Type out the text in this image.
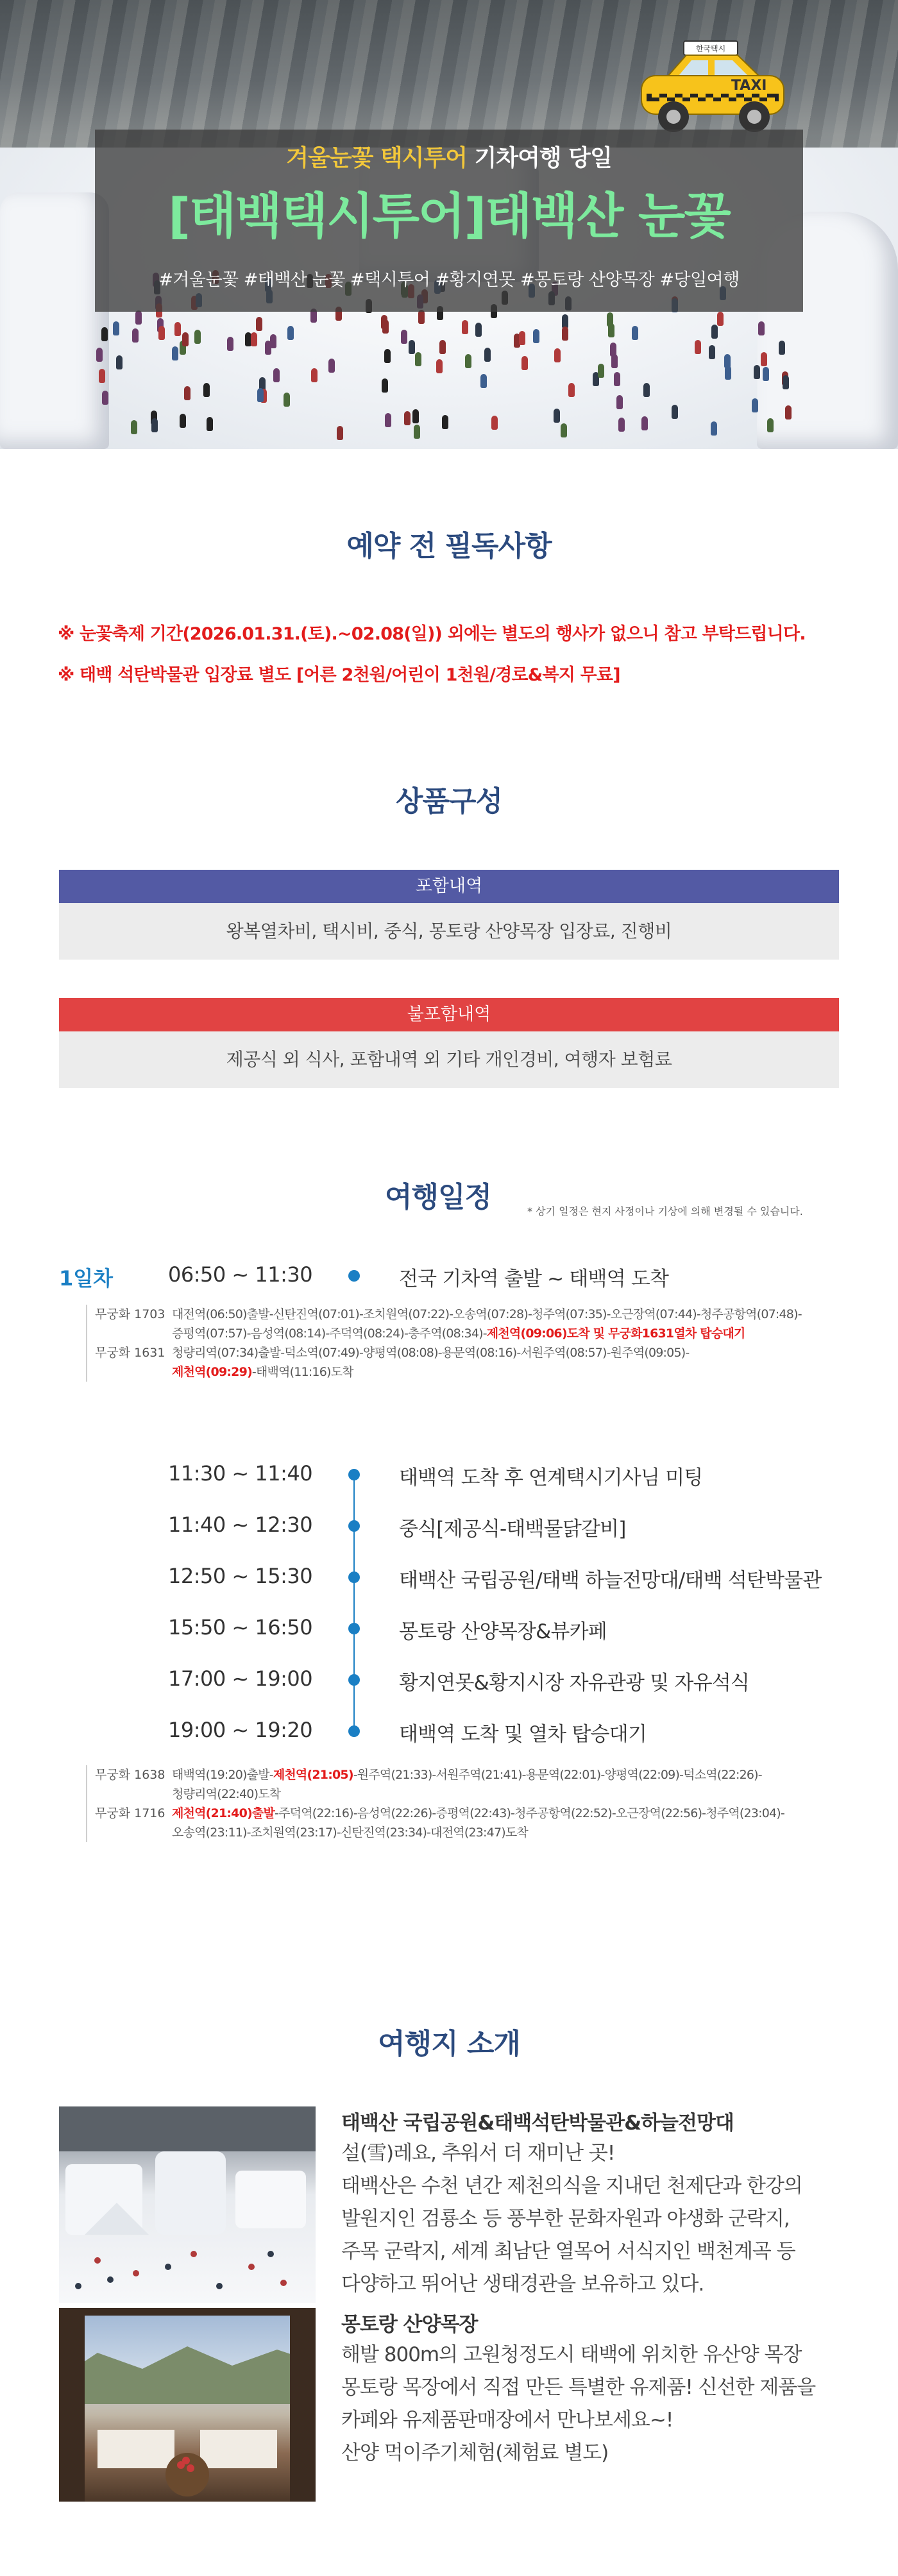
한국택시
TAXI
겨울눈꽃 택시투어 기차여행 당일
[태백택시투어]태백산 눈꽃
#겨울눈꽃 #태백산 눈꽃 #택시투어 #황지연못 #몽토랑 산양목장 #당일여행
예약 전 필독사항
※ 눈꽃축제 기간(2026.01.31.(토).~02.08(일)) 외에는 별도의 행사가 없으니 참고 부탁드립니다.
※ 태백 석탄박물관 입장료 별도 [어른 2천원/어린이 1천원/경로&복지 무료]
상품구성
포함내역
왕복열차비, 택시비, 중식, 몽토랑 산양목장 입장료, 진행비
불포함내역
제공식 외 식사, 포함내역 외 기타 개인경비, 여행자 보험료
여행일정	* 상기 일정은 현지 사정이나 기상에 의해 변경될 수 있습니다.
1일차	06:50 ~ 11:30	전국 기차역 출발 ~ 태백역 도착
무궁화 1703 대전역(06:50)출발-신탄진역(07:01)-조치원역(07:22)-오송역(07:28)-청주역(07:35)-오근장역(07:44)-청주공항역(07:48)-
증평역(07:57)-음성역(08:14)-주덕역(08:24)-충주역(08:34)-제천역(09:06)도착 및 무궁화1631열차 탑승대기
무궁화 1631 청량리역(07:34)출발-덕소역(07:49)-양평역(08:08)-용문역(08:16)-서원주역(08:57)-원주역(09:05)-
제천역(09:29)-태백역(11:16)도착
11:30 ~ 11:40	태백역 도착 후 연계택시기사님 미팅
11:40 ~ 12:30	중식[제공식-태백물닭갈비]
12:50 ~ 15:30	태백산 국립공원/태백 하늘전망대/태백 석탄박물관
15:50 ~ 16:50	몽토랑 산양목장&뷰카페
17:00 ~ 19:00	황지연못&황지시장 자유관광 및 자유석식
19:00 ~ 19:20	태백역 도착 및 열차 탑승대기
무궁화 1638 태백역(19:20)출발-제천역(21:05)-원주역(21:33)-서원주역(21:41)-용문역(22:01)-양평역(22:09)-덕소역(22:26)-
청량리역(22:40)도착
무궁화 1716 제천역(21:40)출발-주덕역(22:16)-음성역(22:26)-증평역(22:43)-청주공항역(22:52)-오근장역(22:56)-청주역(23:04)-
오송역(23:11)-조치원역(23:17)-신탄진역(23:34)-대전역(23:47)도착
여행지 소개
태백산 국립공원&태백석탄박물관&하늘전망대
설(雪)레요, 추워서 더 재미난 곳!
태백산은 수천 년간 제천의식을 지내던 천제단과 한강의
발원지인 검룡소 등 풍부한 문화자원과 야생화 군락지,
주목 군락지, 세계 최남단 열목어 서식지인 백천계곡 등
다양하고 뛰어난 생태경관을 보유하고 있다.
몽토랑 산양목장
해발 800m의 고원청정도시 태백에 위치한 유산양 목장
몽토랑 목장에서 직접 만든 특별한 유제품! 신선한 제품을
카페와 유제품판매장에서 만나보세요~!
산양 먹이주기체험(체험료 별도)
